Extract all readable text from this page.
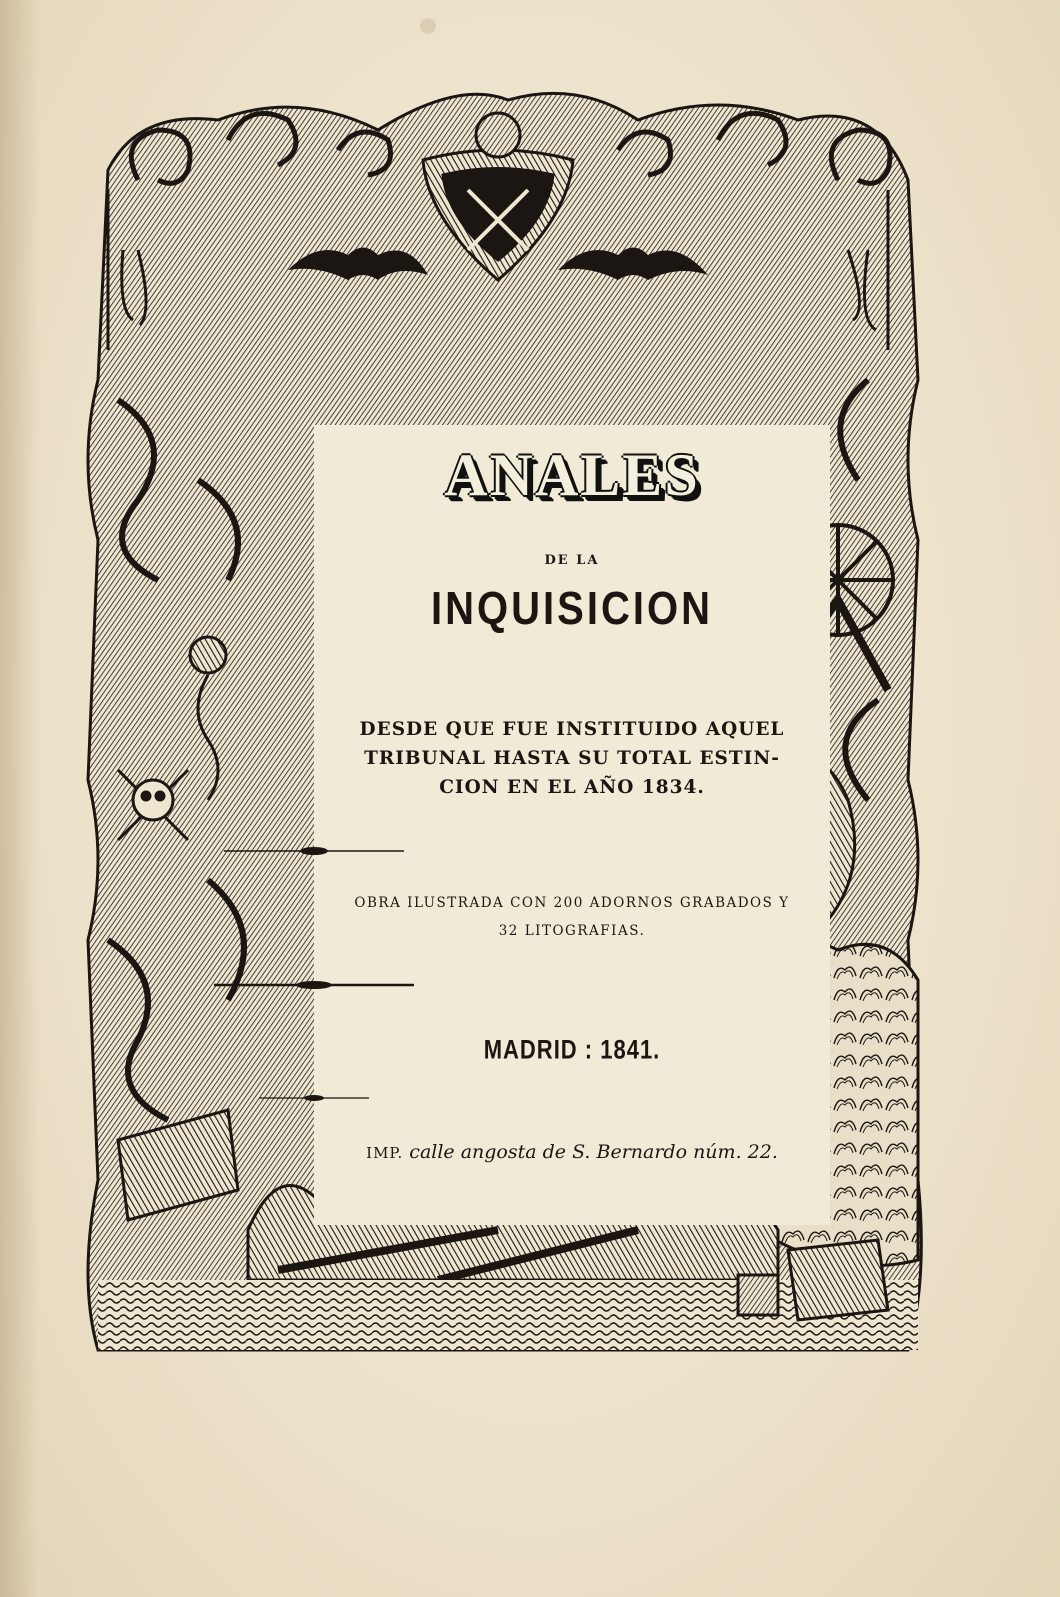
ANALES
DE LA
INQUISICION
DESDE QUE FUE INSTITUIDO AQUEL
TRIBUNAL HASTA SU TOTAL ESTIN-
CION EN EL AÑO 1834.
OBRA ILUSTRADA CON 200 ADORNOS GRABADOS Y
32 LITOGRAFIAS.
MADRID : 1841.
IMP. calle angosta de S. Bernardo núm. 22.
